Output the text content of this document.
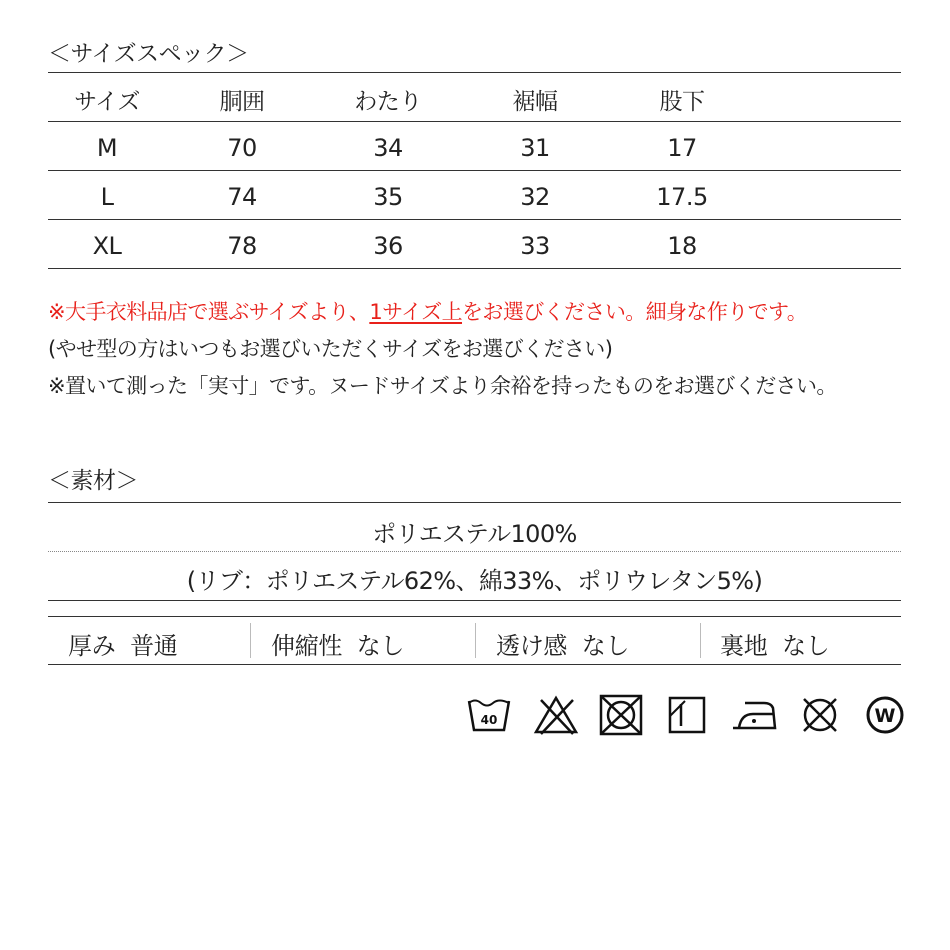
＜サイズスペック＞
サイズ	胴囲	わたり	裾幅	股下
M	70	34	31	17
L	74	35	32	17.5
XL	78	36	33	18
※大手衣料品店で選ぶサイズより、1サイズ上をお選びください。細身な作りです。
(やせ型の方はいつもお選びいただくサイズをお選びください)
※置いて測った「実寸」です。ヌードサイズより余裕を持ったものをお選びください。
＜素材＞
ポリエステル100%
(リブ：ポリエステル62%、綿33%、ポリウレタン5%)
厚み 普通	伸縮性 なし	透け感 なし	裏地 なし
40	W
